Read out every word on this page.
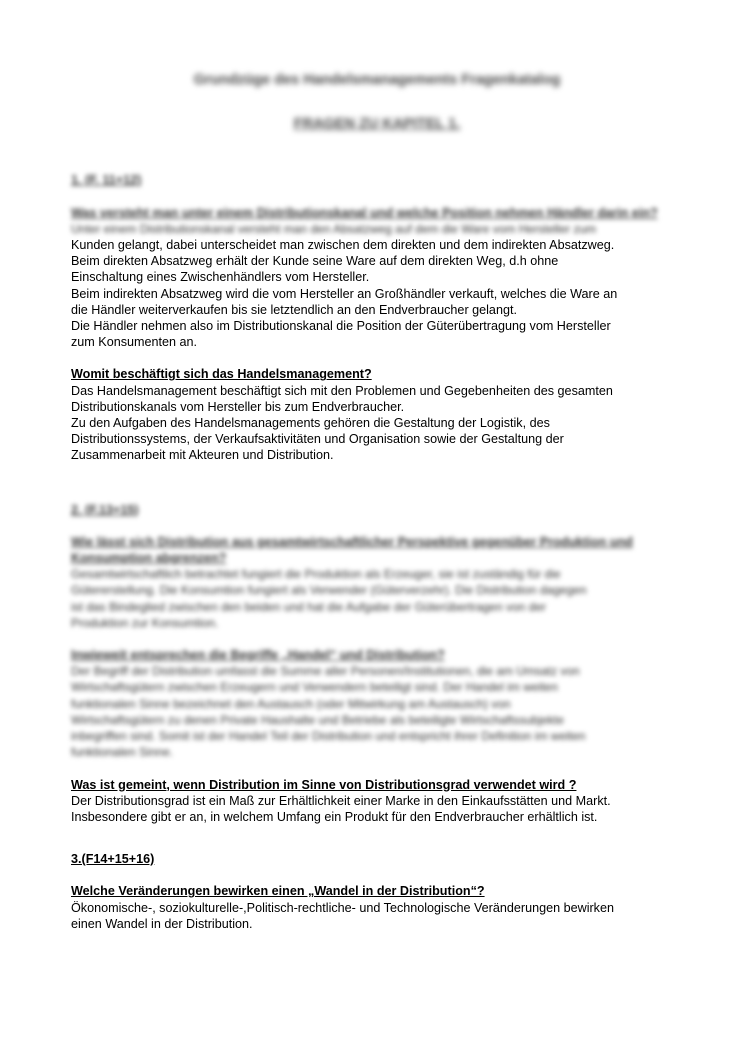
Grundzüge des Handelsmanagements Fragenkatalog
FRAGEN ZU KAPITEL 1.
1. (F. 11+12)
Was versteht man unter einem Distributionskanal und welche Position nehmen Händler darin ein?

Unter einem Distributionskanal versteht man den Absatzweg auf dem die Ware vom Hersteller zum

Kunden gelangt, dabei unterscheidet man zwischen dem direkten und dem indirekten Absatzweg.

Beim direkten Absatzweg erhält der Kunde seine Ware auf dem direkten Weg, d.h ohne

Einschaltung eines Zwischenhändlers vom Hersteller.

Beim indirekten Absatzweg wird die vom Hersteller an Großhändler verkauft, welches die Ware an

die Händler weiterverkaufen bis sie letztendlich an den Endverbraucher gelangt.

Die Händler nehmen also im Distributionskanal die Position der Güterübertragung vom Hersteller

zum Konsumenten an.

Womit beschäftigt sich das Handelsmanagement?

Das Handelsmanagement beschäftigt sich mit den Problemen und Gegebenheiten des gesamten

Distributionskanals vom Hersteller bis zum Endverbraucher.

Zu den Aufgaben des Handelsmanagements gehören die Gestaltung der Logistik, des

Distributionssystems, der Verkaufsaktivitäten und Organisation sowie der Gestaltung der

Zusammenarbeit mit Akteuren und Distribution.

2. (F.13+15)
Wie lässt sich Distribution aus gesamtwirtschaftlicher Perspektive gegenüber Produktion und Konsumption abgrenzen?

Gesamtwirtschaftlich betrachtet fungiert die Produktion als Erzeuger, sie ist zuständig für die

Gütererstellung. Die Konsumtion fungiert als Verwender (Güterverzehr). Die Distribution dagegen

ist das Bindeglied zwischen den beiden und hat die Aufgabe der Güterübertragen von der

Produktion zur Konsumtion.

Inwieweit entsprechen die Begriffe „Handel“ und Distribution?

Der Begriff der Distribution umfasst die Summe aller Personen/Institutionen, die am Umsatz von

Wirtschaftsgütern zwischen Erzeugern und Verwendern beteiligt sind. Der Handel im weiten

funktionalen Sinne bezeichnet den Austausch (oder Mitwirkung am Austausch) von

Wirtschaftsgütern zu denen Private Haushalte und Betriebe als beteiligte Wirtschaftssubjekte

inbegriffen sind. Somit ist der Handel Teil der Distribution und entspricht ihrer Definition im weiten

funktionalen Sinne.

Was ist gemeint, wenn Distribution im Sinne von Distributionsgrad verwendet wird ?

Der Distributionsgrad ist ein Maß zur Erhältlichkeit einer Marke in den Einkaufsstätten und Markt.

Insbesondere gibt er an, in welchem Umfang ein Produkt für den Endverbraucher erhältlich ist.

3.(F14+15+16)
Welche Veränderungen bewirken einen „Wandel in der Distribution“?

Ökonomische-, soziokulturelle-,Politisch-rechtliche- und Technologische Veränderungen bewirken

einen Wandel in der Distribution.
